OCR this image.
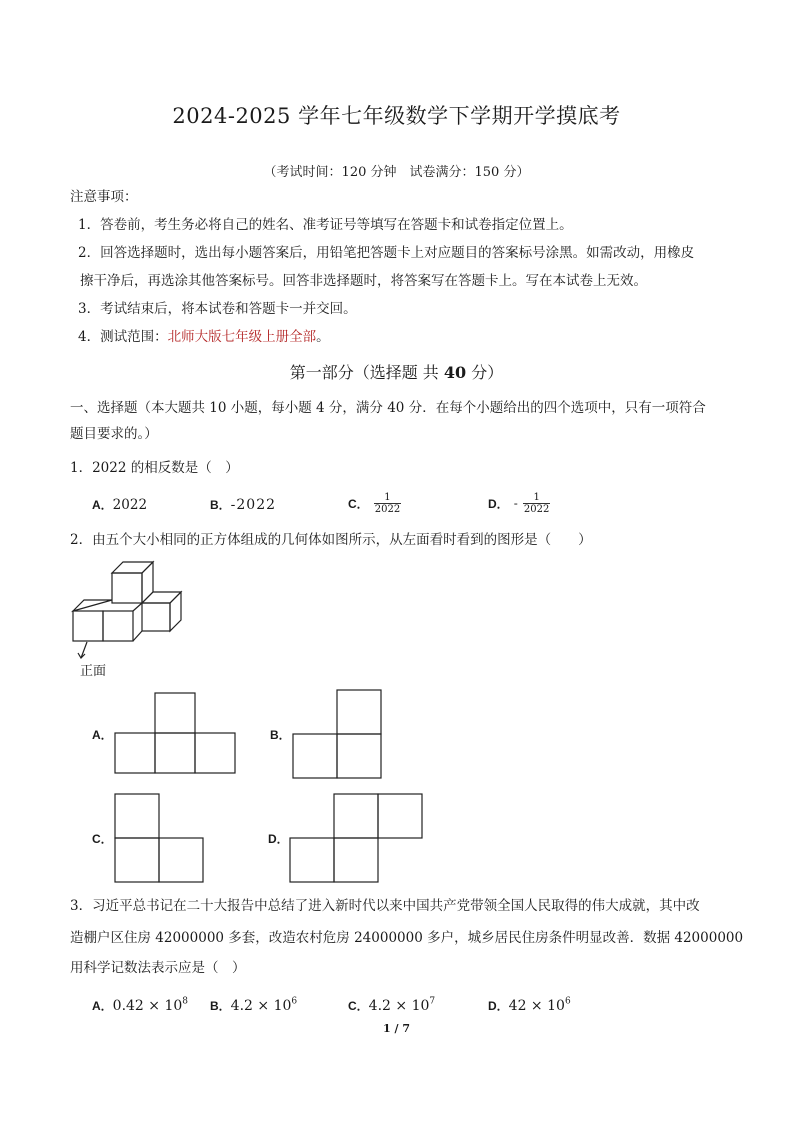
2024-2025 学年七年级数学下学期开学摸底考
（考试时间：120 分钟　试卷满分：150 分）
注意事项：
1．答卷前，考生务必将自己的姓名、准考证号等填写在答题卡和试卷指定位置上。
2．回答选择题时，选出每小题答案后，用铅笔把答题卡上对应题目的答案标号涂黑。如需改动，用橡皮
擦干净后，再选涂其他答案标号。回答非选择题时，将答案写在答题卡上。写在本试卷上无效。
3．考试结束后，将本试卷和答题卡一并交回。
4．测试范围：北师大版七年级上册全部。
第一部分（选择题 共 40 分）
一、选择题（本大题共 10 小题，每小题 4 分，满分 40 分．在每个小题给出的四个选项中，只有一项符合
题目要求的。）
1．2022 的相反数是（　）
A．2022	B．-2022	C． $\frac{1}{2022}$	D． - $\frac{1}{2022}$
2．由五个大小相同的正方体组成的几何体如图所示，从左面看时看到的图形是（　　）
正面
A．	B．
C．	D．
3．习近平总书记在二十大报告中总结了进入新时代以来中国共产党带领全国人民取得的伟大成就，其中改
造棚户区住房 42000000 多套，改造农村危房 24000000 多户，城乡居民住房条件明显改善．数据 42000000
用科学记数法表示应是（　）
A．$0.42 \times 10^8$ B．$4.2 \times 10^6$	C．$4.2 \times 10^7$	D．$42 \times 10^6$
1 / 7
